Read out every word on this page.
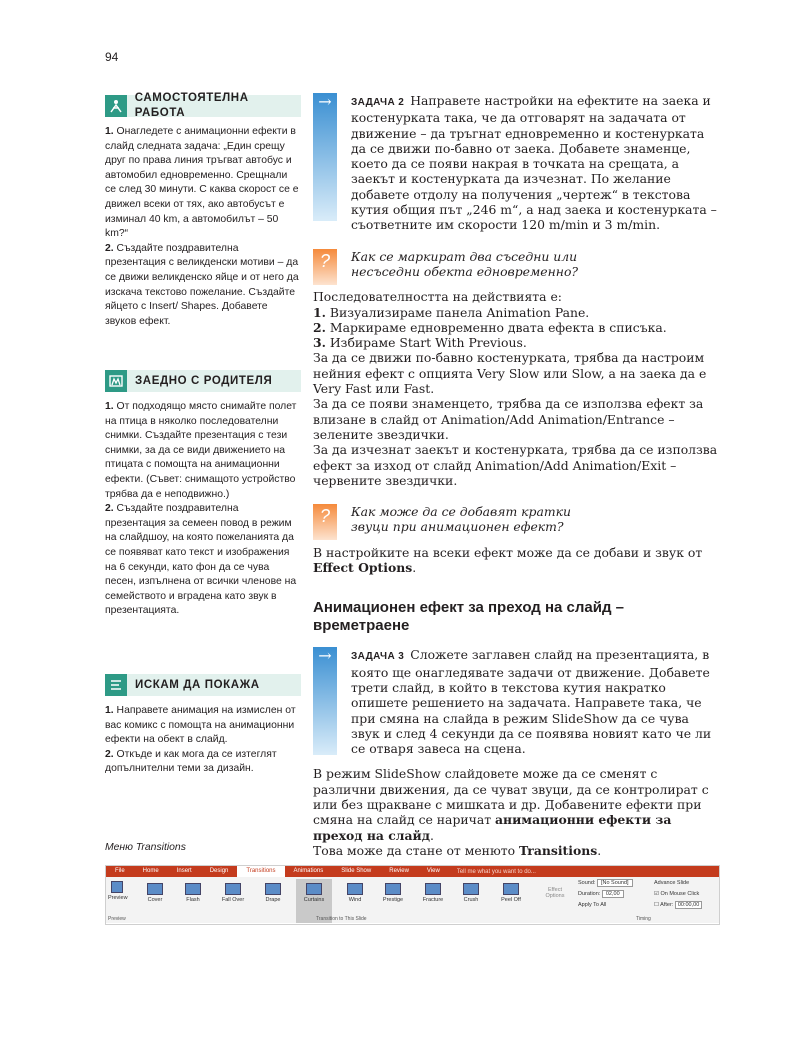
94
САМОСТОЯТЕЛНА РАБОТА

1. Онагледете с анимационни ефекти в слайд следната задача: „Един срещу друг по права линия тръгват автобус и автомобил едновременно. Срещнали се след 30 минути. С каква скорост се е движел всеки от тях, ако автобусът е изминал 40 km, а автомобилът – 50 km?“

2. Създайте поздравителна презентация с великденски мотиви – да се движи великденско яйце и от него да изскача текстово пожелание. Създайте яйцето с Insert/ Shapes. Добавете звуков ефект.

ЗАЕДНО С РОДИТЕЛЯ

1. От подходящо място снимайте полет на птица в няколко последователни снимки. Създайте презентация с тези снимки, за да се види движението на птицата с помощта на анимационни ефекти. (Съвет: снимащото устройство трябва да е неподвижно.)

2. Създайте поздравителна презентация за семеен повод в режим на слайдшоу, на която пожеланията да се появяват като текст и изображения на 6 секунди, като фон да се чува песен, изпълнена от всички членове на семейството и вграденa като звук в презентацията.

ИСКАМ ДА ПОКАЖА

1. Направете анимация на измислен от вас комикс с помощта на анимационни ефекти на обект в слайд.

2. Откъде и как мога да се изтеглят допълнителни теми за дизайн.

→	ЗАДАЧА 2 Направете настройки на ефектите на заека и костенурката така, че да отговарят на задачата от движение – да тръгнат едновременно и костенурката да се движи по-бавно от заека. Добавете знаменце, което да се появи накрая в точката на срещата, а заекът и костенурката да изчезнат. По желание добавете отдолу на получения „чертеж“ в текстова кутия общия път „246 m“, а над заека и костенурката – съответните им скорости 120 m/min и 3 m/min.

?	Как се маркират два съседни или несъседни обекта едновременно?

Последователността на действията е:

1. Визуализираме панела Animation Pane.

2. Маркираме едновременно двата ефекта в списъка.

3. Избираме Start With Previous.

За да се движи по-бавно костенурката, трябва да настроим нейния ефект с опцията Very Slow или Slow, а на заека да е Very Fast или Fast.

За да се появи знаменцето, трябва да се използва ефект за влизане в слайд от Animation/Add Animation/Entrance – зелените звездички.

За да изчезнат заекът и костенурката, трябва да се използва ефект за изход от слайд Animation/Add Animation/Exit – червените звездички.

?	Как може да се добавят кратки звуци при анимационен ефект?

В настройките на всеки ефект може да се добави и звук от Effect Options.

Анимационен ефект за преход на слайд – времетраене

→	ЗАДАЧА 3 Сложете заглавен слайд на презентацията, в която ще онагледявате задачи от движение. Добавете трети слайд, в който в текстова кутия накратко опишете решението на задачата. Направете така, че при смяна на слайда в режим SlideShow да се чува звук и след 4 секунди да се появява новият като че ли се отваря завеса на сцена.

В режим SlideShow слайдовете може да се сменят с различни движения, да се чуват звуци, да се контролират с или без щракване с мишката и др. Добавените ефекти при смяна на слайд се наричат анимационни ефекти за преход на слайд.

Това може да стане от менюто Transitions.

Меню Transitions
File	Home	Insert	Design	Transitions	Animations	Slide Show	Review	View	Tell me what you want to do...
Preview	Cover	Flash	Fall Over	Drape	Curtains	Wind	Prestige	Fracture	Crush	Peel Off
Effect Options
Sound: [No Sound]
Duration: 02,00
Apply To All
Advance Slide
☑ On Mouse Click
☐ After: 00:00,00
Preview	Transition to This Slide	Timing
